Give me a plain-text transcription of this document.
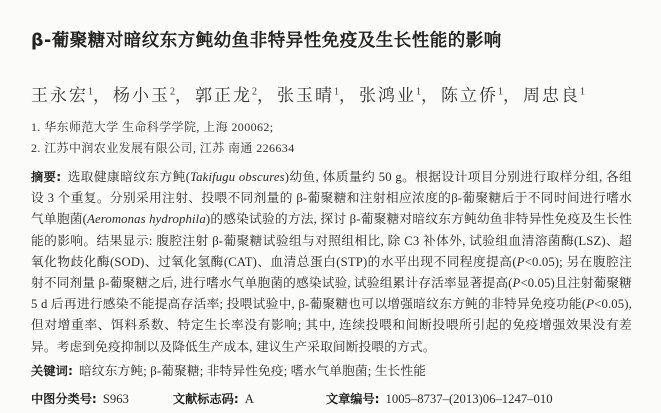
β-葡聚糖对暗纹东方鲀幼鱼非特异性免疫及生长性能的影响
王永宏$^1$， 杨小玉$^2$， 郭正龙$^2$， 张玉晴$^1$， 张鸿业$^1$， 陈立侨$^1$， 周忠良$^1$
1. 华东师范大学 生命科学学院, 上海 200062;
2. 江苏中润农业发展有限公司, 江苏 南通 226634

摘要: 选取健康暗纹东方鲀(Takifugu obscures)幼鱼, 体质量约 50 g。根据设计项目分别进行取样分组, 各组设 3 个重复。分别采用注射、投喂不同剂量的 β-葡聚糖和注射相应浓度的β-葡聚糖后于不同时间进行嗜水气单胞菌(Aeromonas hydrophila)的感染试验的方法, 探讨 β-葡聚糖对暗纹东方鲀幼鱼非特异性免疫及生长性能的影响。结果显示: 腹腔注射 β-葡聚糖试验组与对照组相比, 除 C3 补体外, 试验组血清溶菌酶(LSZ)、超氧化物歧化酶(SOD)、过氧化氢酶(CAT)、血清总蛋白(STP)的水平出现不同程度提高(P<0.05); 另在腹腔注射不同剂量 β-葡聚糖之后, 进行嗜水气单胞菌的感染试验, 试验组累计存活率显著提高(P<0.05)且注射葡聚糖 5 d 后再进行感染不能提高存活率; 投喂试验中, β-葡聚糖也可以增强暗纹东方鲀的非特异免疫功能(P<0.05), 但对增重率、饵料系数、特定生长率没有影响; 其中, 连续投喂和间断投喂所引起的免疫增强效果没有差异。考虑到免疫抑制以及降低生产成本, 建议生产采取间断投喂的方式。

关键词: 暗纹东方鲀; β-葡聚糖; 非特异性免疫; 嗜水气单胞菌; 生长性能

中图分类号: S963	文献标志码: A	文章编号: 1005–8737–(2013)06–1247–010
